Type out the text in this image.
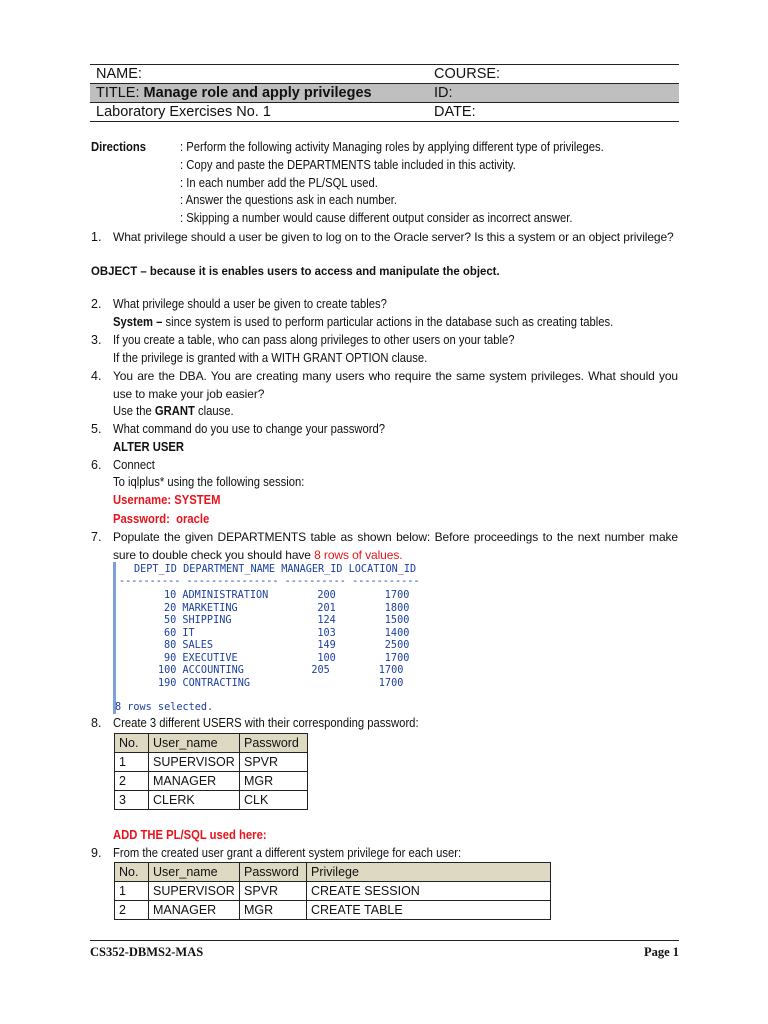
NAME:	COURSE:
TITLE: Manage role and apply privileges	ID:
Laboratory Exercises No. 1	DATE:
Directions	: Perform the following activity Managing roles by applying different type of privileges.
: Copy and paste the DEPARTMENTS table included in this activity.
: In each number add the PL/SQL used.
: Answer the questions ask in each number.
: Skipping a number would cause different output consider as incorrect answer.
1. What privilege should a user be given to log on to the Oracle server? Is this a system or an object privilege?
OBJECT – because it is enables users to access and manipulate the object.
2. What privilege should a user be given to create tables?
System – since system is used to perform particular actions in the database such as creating tables.
3. If you create a table, who can pass along privileges to other users on your table?
If the privilege is granted with a WITH GRANT OPTION clause.
4. You are the DBA. You are creating many users who require the same system privileges. What should you use to make your job easier?
Use the GRANT clause.
5. What command do you use to change your password?
ALTER USER
6. Connect
To iqlplus* using the following session:
Username: SYSTEM
Password:  oracle
7. Populate the given DEPARTMENTS table as shown below: Before proceedings to the next number make sure to double check you should have 8 rows of values.
DEPT_ID DEPARTMENT_NAME MANAGER_ID LOCATION_ID
---------- --------------- ---------- -----------
10 ADMINISTRATION        200        1700
20 MARKETING             201        1800
50 SHIPPING              124        1500
60 IT                    103        1400
80 SALES                 149        2500
90 EXECUTIVE             100        1700
100 ACCOUNTING           205        1700
190 CONTRACTING                     1700
8 rows selected.
8. Create 3 different USERS with their corresponding password:
No.	User_name	Password
1	SUPERVISOR	SPVR
2	MANAGER	MGR
3	CLERK	CLK
ADD THE PL/SQL used here:
9. From the created user grant a different system privilege for each user:
No.	User_name	Password	Privilege
1	SUPERVISOR	SPVR	CREATE SESSION
2	MANAGER	MGR	CREATE TABLE
CS352-DBMS2-MAS	Page 1
